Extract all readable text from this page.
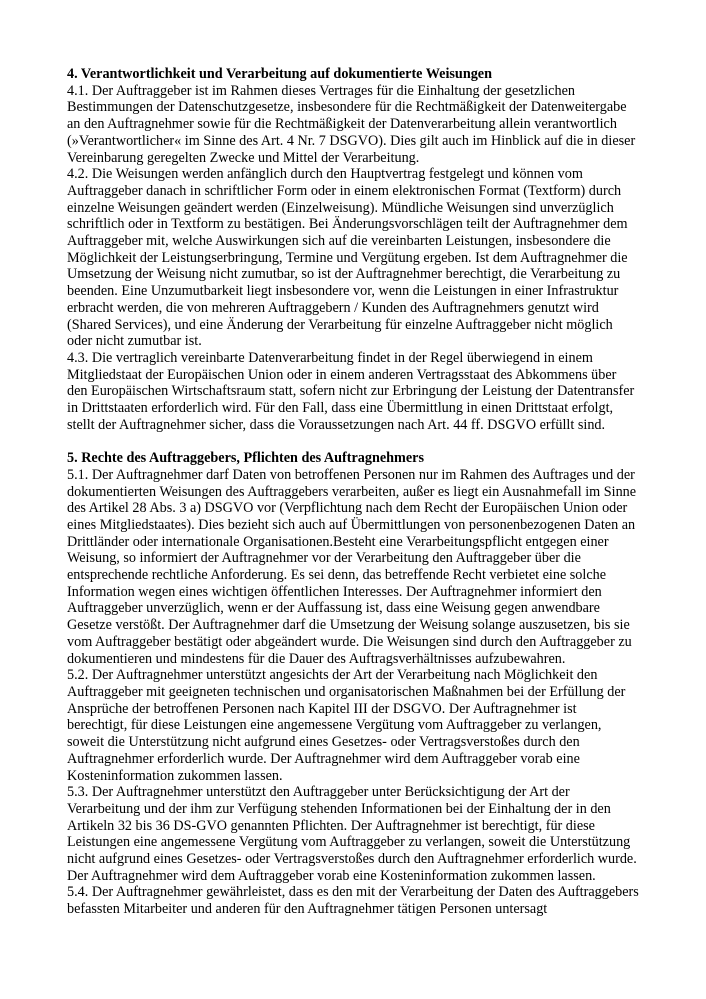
4. Verantwortlichkeit und Verarbeitung auf dokumentierte Weisungen

4.1. Der Auftraggeber ist im Rahmen dieses Vertrages für die Einhaltung der gesetzlichen Bestimmungen der Datenschutzgesetze, insbesondere für die Rechtmäßigkeit der Datenweitergabe an den Auftragnehmer sowie für die Rechtmäßigkeit der Datenverarbeitung allein verantwortlich (»Verantwortlicher« im Sinne des Art. 4 Nr. 7 DSGVO). Dies gilt auch im Hinblick auf die in dieser Vereinbarung geregelten Zwecke und Mittel der Verarbeitung.

4.2. Die Weisungen werden anfänglich durch den Hauptvertrag festgelegt und können vom Auftraggeber danach in schriftlicher Form oder in einem elektronischen Format (Textform) durch einzelne Weisungen geändert werden (Einzelweisung). Mündliche Weisungen sind unverzüglich schriftlich oder in Textform zu bestätigen. Bei Änderungsvorschlägen teilt der Auftragnehmer dem Auftraggeber mit, welche Auswirkungen sich auf die vereinbarten Leistungen, insbesondere die Möglichkeit der Leistungserbringung, Termine und Vergütung ergeben. Ist dem Auftragnehmer die Umsetzung der Weisung nicht zumutbar, so ist der Auftragnehmer berechtigt, die Verarbeitung zu beenden. Eine Unzumutbarkeit liegt insbesondere vor, wenn die Leistungen in einer Infrastruktur erbracht werden, die von mehreren Auftraggebern / Kunden des Auftragnehmers genutzt wird (Shared Services), und eine Änderung der Verarbeitung für einzelne Auftraggeber nicht möglich oder nicht zumutbar ist.

4.3. Die vertraglich vereinbarte Datenverarbeitung findet in der Regel überwiegend in einem Mitgliedstaat der Europäischen Union oder in einem anderen Vertragsstaat des Abkommens über den Europäischen Wirtschaftsraum statt, sofern nicht zur Erbringung der Leistung der Datentransfer in Drittstaaten erforderlich wird. Für den Fall, dass eine Übermittlung in einen Drittstaat erfolgt, stellt der Auftragnehmer sicher, dass die Voraussetzungen nach Art. 44 ff. DSGVO erfüllt sind.

5. Rechte des Auftraggebers, Pflichten des Auftragnehmers

5.1. Der Auftragnehmer darf Daten von betroffenen Personen nur im Rahmen des Auftrages und der dokumentierten Weisungen des Auftraggebers verarbeiten, außer es liegt ein Ausnahmefall im Sinne des Artikel 28 Abs. 3 a) DSGVO vor (Verpflichtung nach dem Recht der Europäischen Union oder eines Mitgliedstaates). Dies bezieht sich auch auf Übermittlungen von personenbezogenen Daten an Drittländer oder internationale Organisationen.Besteht eine Verarbeitungspflicht entgegen einer Weisung, so informiert der Auftragnehmer vor der Verarbeitung den Auftraggeber über die entsprechende rechtliche Anforderung. Es sei denn, das betreffende Recht verbietet eine solche Information wegen eines wichtigen öffentlichen Interesses. Der Auftragnehmer informiert den Auftraggeber unverzüglich, wenn er der Auffassung ist, dass eine Weisung gegen anwendbare Gesetze verstößt. Der Auftragnehmer darf die Umsetzung der Weisung solange auszusetzen, bis sie vom Auftraggeber bestätigt oder abgeändert wurde. Die Weisungen sind durch den Auftraggeber zu dokumentieren und mindestens für die Dauer des Auftragsverhältnisses aufzubewahren.

5.2. Der Auftragnehmer unterstützt angesichts der Art der Verarbeitung nach Möglichkeit den Auftraggeber mit geeigneten technischen und organisatorischen Maßnahmen bei der Erfüllung der Ansprüche der betroffenen Personen nach Kapitel III der DSGVO. Der Auftragnehmer ist berechtigt, für diese Leistungen eine angemessene Vergütung vom Auftraggeber zu verlangen, soweit die Unterstützung nicht aufgrund eines Gesetzes- oder Vertragsverstoßes durch den Auftragnehmer erforderlich wurde. Der Auftragnehmer wird dem Auftraggeber vorab eine Kosteninformation zukommen lassen.

5.3. Der Auftragnehmer unterstützt den Auftraggeber unter Berücksichtigung der Art der Verarbeitung und der ihm zur Verfügung stehenden Informationen bei der Einhaltung der in den Artikeln 32 bis 36 DS-GVO genannten Pflichten. Der Auftragnehmer ist berechtigt, für diese Leistungen eine angemessene Vergütung vom Auftraggeber zu verlangen, soweit die Unterstützung nicht aufgrund eines Gesetzes- oder Vertragsverstoßes durch den Auftragnehmer erforderlich wurde. Der Auftragnehmer wird dem Auftraggeber vorab eine Kosteninformation zukommen lassen.

5.4. Der Auftragnehmer gewährleistet, dass es den mit der Verarbeitung der Daten des Auftraggebers befassten Mitarbeiter und anderen für den Auftragnehmer tätigen Personen untersagt
